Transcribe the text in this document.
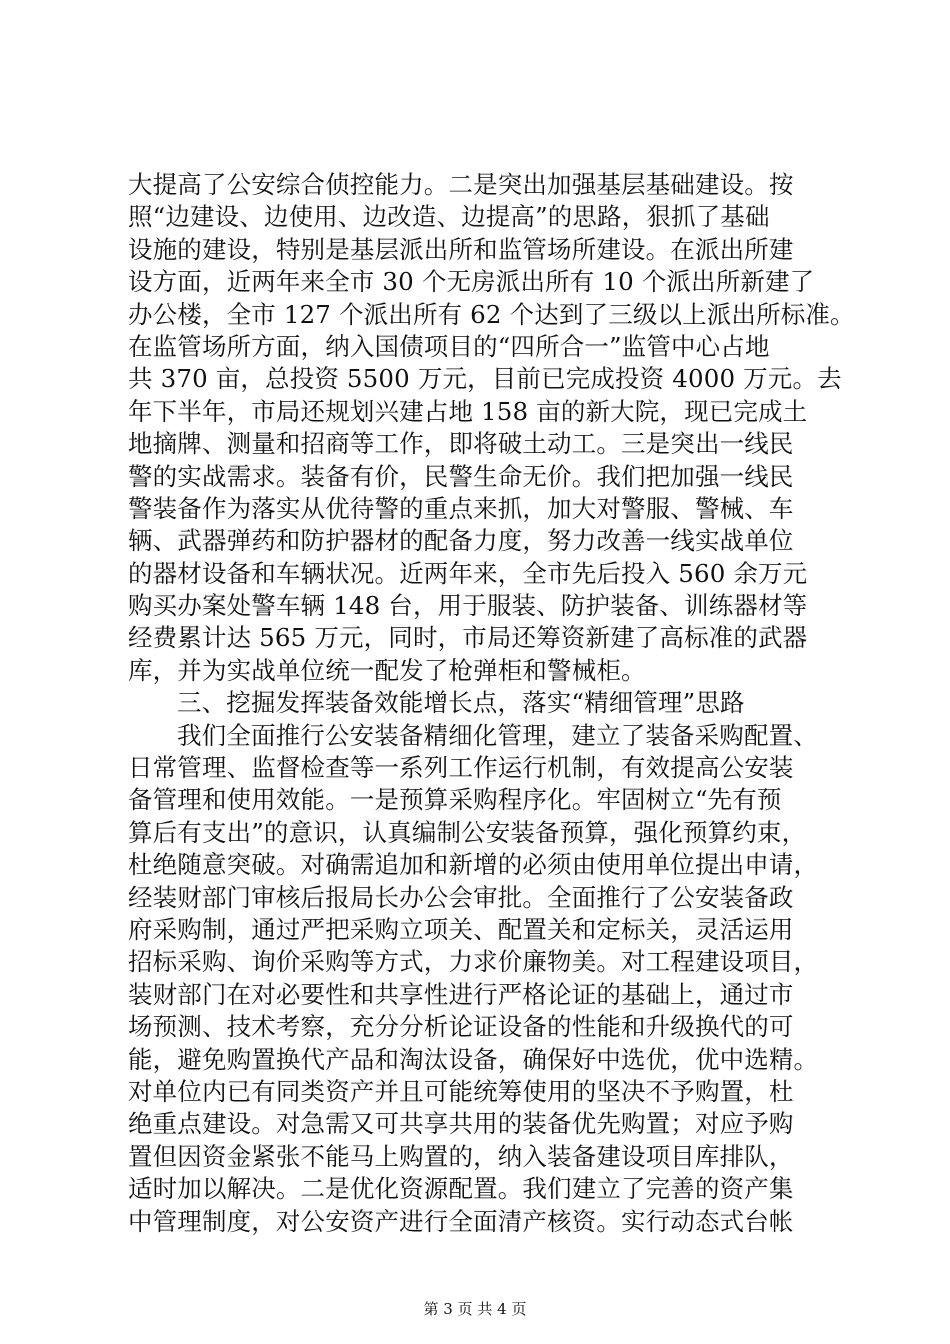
大提高了公安综合侦控能力。二是突出加强基层基础建设。按
照“边建设、边使用、边改造、边提高”的思路，狠抓了基础
设施的建设，特别是基层派出所和监管场所建设。在派出所建
设方面，近两年来全市 30 个无房派出所有 10 个派出所新建了
办公楼，全市 127 个派出所有 62 个达到了三级以上派出所标准。
在监管场所方面，纳入国债项目的“四所合一”监管中心占地
共 370 亩，总投资 5500 万元，目前已完成投资 4000 万元。去
年下半年，市局还规划兴建占地 158 亩的新大院，现已完成土
地摘牌、测量和招商等工作，即将破土动工。三是突出一线民
警的实战需求。装备有价，民警生命无价。我们把加强一线民
警装备作为落实从优待警的重点来抓，加大对警服、警械、车
辆、武器弹药和防护器材的配备力度，努力改善一线实战单位
的器材设备和车辆状况。近两年来，全市先后投入 560 余万元
购买办案处警车辆 148 台，用于服装、防护装备、训练器材等
经费累计达 565 万元，同时，市局还筹资新建了高标准的武器
库，并为实战单位统一配发了枪弹柜和警械柜。
三、挖掘发挥装备效能增长点，落实“精细管理”思路
我们全面推行公安装备精细化管理，建立了装备采购配置、
日常管理、监督检查等一系列工作运行机制，有效提高公安装
备管理和使用效能。一是预算采购程序化。牢固树立“先有预
算后有支出”的意识，认真编制公安装备预算，强化预算约束，
杜绝随意突破。对确需追加和新增的必须由使用单位提出申请，
经装财部门审核后报局长办公会审批。全面推行了公安装备政
府采购制，通过严把采购立项关、配置关和定标关，灵活运用
招标采购、询价采购等方式，力求价廉物美。对工程建设项目，
装财部门在对必要性和共享性进行严格论证的基础上，通过市
场预测、技术考察，充分分析论证设备的性能和升级换代的可
能，避免购置换代产品和淘汰设备，确保好中选优，优中选精。
对单位内已有同类资产并且可能统筹使用的坚决不予购置，杜
绝重点建设。对急需又可共享共用的装备优先购置；对应予购
置但因资金紧张不能马上购置的，纳入装备建设项目库排队，
适时加以解决。二是优化资源配置。我们建立了完善的资产集
中管理制度，对公安资产进行全面清产核资。实行动态式台帐
第 3 页 共 4 页
